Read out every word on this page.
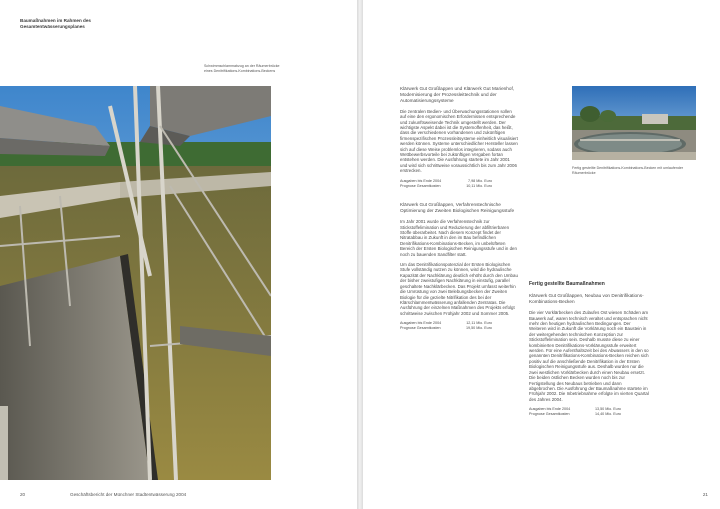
Baumaßnahmen im Rahmen des Gesamtentwässerungsplanes
Schwimmschlammabzug an der Räumerbrücke eines Denitrifikations-Kombinations-Beckens
20	Geschäftsbericht der Münchner Stadtentwässerung 2004

Klärwerk Gut Großlappen und Klärwerk Gut Marienhof, Modernisierung der Prozessleittechnik und der Automatisierungssysteme

Die zentralen Bedien- und Überwachungsstationen sollen auf eine den ergonomischen Erfordernissen entsprechende und zukunftsweisende Technik umgestellt werden. Der wichtigste Aspekt dabei ist die Systemoffenheit, das heißt, dass die verschiedenen vorhandenen und zukünftigen firmenspezifischen Prozessleitsysteme einheitlich visualisiert werden können. Systeme unterschiedlicher Hersteller lassen sich auf diese Weise problemlos integrieren, sodass auch Wettbewerbsvorteile bei zukünftigen Vergaben fortan entstehen werden. Die Ausführung startete im Jahr 2001 und wird sich schrittweise voraussichtlich bis zum Jahr 2006 erstrecken.

Ausgaben bis Ende 2004	7,98 Mio. Euro
Prognose Gesamtkosten	10,11 Mio. Euro

Klärwerk Gut Großlappen, Verfahrenstechnische Optimierung der Zweiten Biologischen Reinigungsstufe

Im Jahr 2001 wurde die Verfahrenstechnik zur Stickstoffelimination und Reduzierung der abfiltrierbaren Stoffe überarbeitet. Nach diesem Konzept findet der Nitratabbau in Zukunft in den im Bau befindlichen Denitrifikations-Kombinations-Becken, im unbelüfteten Bereich der Ersten Biologischen Reinigungsstufe und in den noch zu bauenden Sandfilter statt.

Um das Denitrifikationspotenzial der Ersten Biologischen Stufe vollständig nutzen zu können, wird die hydraulische Kapazität der Nachklärung deutlich erhöht durch den Umbau der bisher zweistufigen Nachklärung in einstufig, parallel geschaltete Nachklärbecken. Das Projekt umfasst weiterhin die Umrüstung von zwei Belebungsbecken der Zweiten Biologie für die gezielte Nitrifikation des bei der Klärschlammentwässerung anfallenden Zentratas. Die Ausführung der einzelnen Maßnahmen des Projekts erfolgt schrittweise zwischen Frühjahr 2002 und Sommer 2005.

Ausgaben bis Ende 2004	12,11 Mio. Euro
Prognose Gesamtkosten	19,50 Mio. Euro
Fertig gestellte Baumaßnahmen

Klärwerk Gut Großlappen, Neubau von Denitrifikations-Kombinations-Becken

Die vier Vorklärbecken des Zulaufes Ost wiesen Schäden am Bauwerk auf, waren technisch veraltet und entsprachen nicht mehr den heutigen hydraulischen Bedingungen. Der Weiteren wird in Zukunft die Vorklärung noch ein Baustein in der weitergehenden technischen Konzeption zur Stickstoffelimination sein. Deshalb musste diese zu einer kombinierten Denitrifikations-Vorklärungsstufe erweitert werden. Für eine Aufenthaltszeit bei des Abwassers in den so genannten Denitrifikations-Kombinations-Becken reichen sich positiv auf die anschließende Denitrifikation in der Ersten Biologischen Reinigungsstufe aus. Deshalb wurden nur die zwei westlichen Vorklärbecken durch einen Neubau ersetzt. Die beiden östlichen Becken wurden noch bis zur Fertigstellung des Neubaus betrieben und dann abgebrochen. Die Ausführung der Baumaßnahme startete im Frühjahr 2002. Die Inbetriebnahme erfolgte im vierten Quartal des Jahres 2004.

Ausgaben bis Ende 2004	13,50 Mio. Euro
Prognose Gesamtkosten	14,40 Mio. Euro
21
Fertig gestellte Denitrifikations-Kombinations-Becken mit umlaufender Räumerbrücke
